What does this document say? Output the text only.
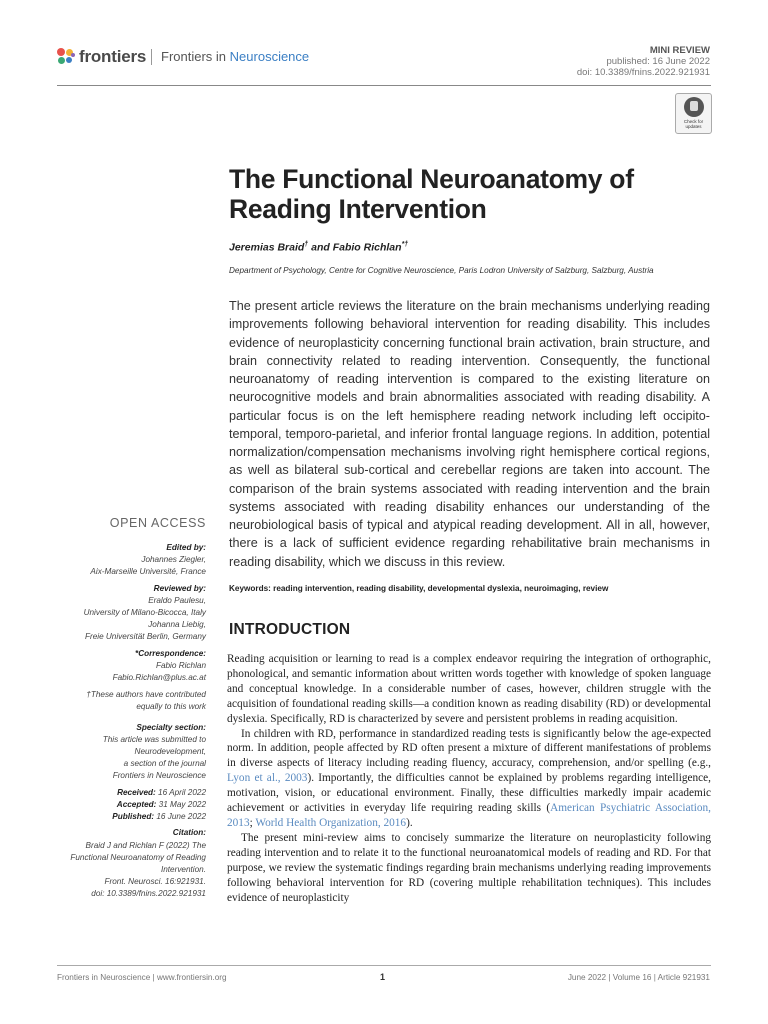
frontiers	Frontiers in Neuroscience	MINI REVIEW
published: 16 June 2022
doi: 10.3389/fnins.2022.921931
Check for updates
The Functional Neuroanatomy of Reading Intervention
Jeremias Braid† and Fabio Richlan*†
Department of Psychology, Centre for Cognitive Neuroscience, Paris Lodron University of Salzburg, Salzburg, Austria
The present article reviews the literature on the brain mechanisms underlying reading improvements following behavioral intervention for reading disability. This includes evidence of neuroplasticity concerning functional brain activation, brain structure, and brain connectivity related to reading intervention. Consequently, the functional neuroanatomy of reading intervention is compared to the existing literature on neurocognitive models and brain abnormalities associated with reading disability. A particular focus is on the left hemisphere reading network including left occipito-temporal, temporo-parietal, and inferior frontal language regions. In addition, potential normalization/compensation mechanisms involving right hemisphere cortical regions, as well as bilateral sub-cortical and cerebellar regions are taken into account. The comparison of the brain systems associated with reading intervention and the brain systems associated with reading disability enhances our understanding of the neurobiological basis of typical and atypical reading development. All in all, however, there is a lack of sufficient evidence regarding rehabilitative brain mechanisms in reading disability, which we discuss in this review.
Keywords: reading intervention, reading disability, developmental dyslexia, neuroimaging, review
INTRODUCTION

Reading acquisition or learning to read is a complex endeavor requiring the integration of orthographic, phonological, and semantic information about written words together with knowledge of spoken language and conceptual knowledge. In a considerable number of cases, however, children struggle with the acquisition of foundational reading skills—a condition known as reading disability (RD) or developmental dyslexia. Specifically, RD is characterized by severe and persistent problems in reading acquisition.

In children with RD, performance in standardized reading tests is significantly below the age-expected norm. In addition, people affected by RD often present a mixture of different manifestations of problems in diverse aspects of literacy including reading fluency, accuracy, comprehension, and/or spelling (e.g., Lyon et al., 2003). Importantly, the difficulties cannot be explained by problems regarding intelligence, motivation, vision, or educational environment. Finally, these difficulties markedly impair academic achievement or activities in everyday life requiring reading skills (American Psychiatric Association, 2013; World Health Organization, 2016).

The present mini-review aims to concisely summarize the literature on neuroplasticity following reading intervention and to relate it to the functional neuroanatomical models of reading and RD. For that purpose, we review the systematic findings regarding brain mechanisms underlying reading improvements following behavioral intervention for RD (covering multiple rehabilitation techniques). This includes evidence of neuroplasticity

OPEN ACCESS
Edited by:
Johannes Ziegler,
Aix-Marseille Université, France
Reviewed by:
Eraldo Paulesu,
University of Milano-Bicocca, Italy
Johanna Liebig,
Freie Universität Berlin, Germany
*Correspondence:
Fabio Richlan
Fabio.Richlan@plus.ac.at
†These authors have contributed
equally to this work
Specialty section:
This article was submitted to
Neurodevelopment,
a section of the journal
Frontiers in Neuroscience
Received: 16 April 2022
Accepted: 31 May 2022
Published: 16 June 2022
Citation:
Braid J and Richlan F (2022) The
Functional Neuroanatomy of Reading
Intervention.
Front. Neurosci. 16:921931.
doi: 10.3389/fnins.2022.921931
Frontiers in Neuroscience | www.frontiersin.org	1	June 2022 | Volume 16 | Article 921931
